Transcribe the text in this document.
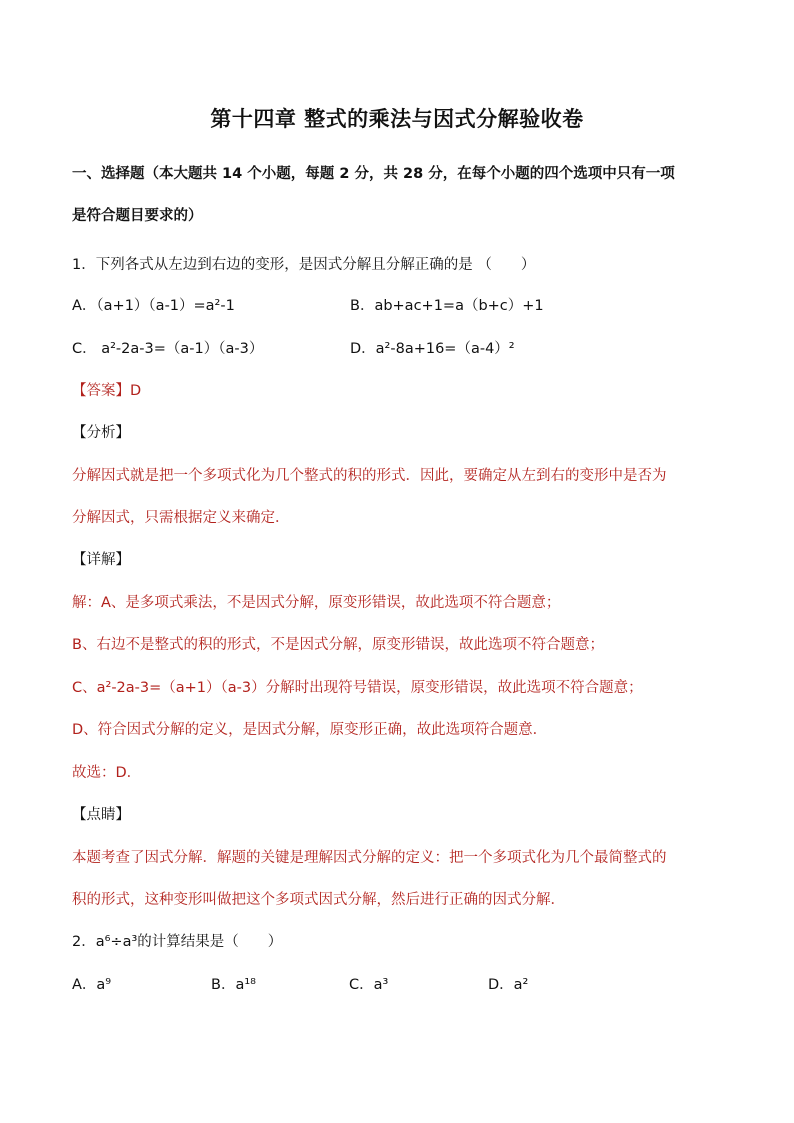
第十四章 整式的乘法与因式分解验收卷
一、选择题（本大题共 14 个小题，每题 2 分，共 28 分，在每个小题的四个选项中只有一项
是符合题目要求的）
1．下列各式从左边到右边的变形，是因式分解且分解正确的是 （　　）
A．（a+1）（a-1）=a²-1	B．ab+ac+1=a（b+c）+1
C． a²-2a-3=（a-1）（a-3）	D．a²-8a+16=（a-4）²
【答案】D
【分析】
分解因式就是把一个多项式化为几个整式的积的形式．因此，要确定从左到右的变形中是否为
分解因式，只需根据定义来确定．
【详解】
解：A、是多项式乘法，不是因式分解，原变形错误，故此选项不符合题意；
B、右边不是整式的积的形式，不是因式分解，原变形错误，故此选项不符合题意；
C、a²-2a-3=（a+1）（a-3）分解时出现符号错误，原变形错误，故此选项不符合题意；
D、符合因式分解的定义，是因式分解，原变形正确，故此选项符合题意．
故选：D．
【点睛】
本题考查了因式分解．解题的关键是理解因式分解的定义：把一个多项式化为几个最简整式的
积的形式，这种变形叫做把这个多项式因式分解，然后进行正确的因式分解．
2．a⁶÷a³的计算结果是（　　）
A．a⁹	B．a¹⁸	C．a³	D．a²
